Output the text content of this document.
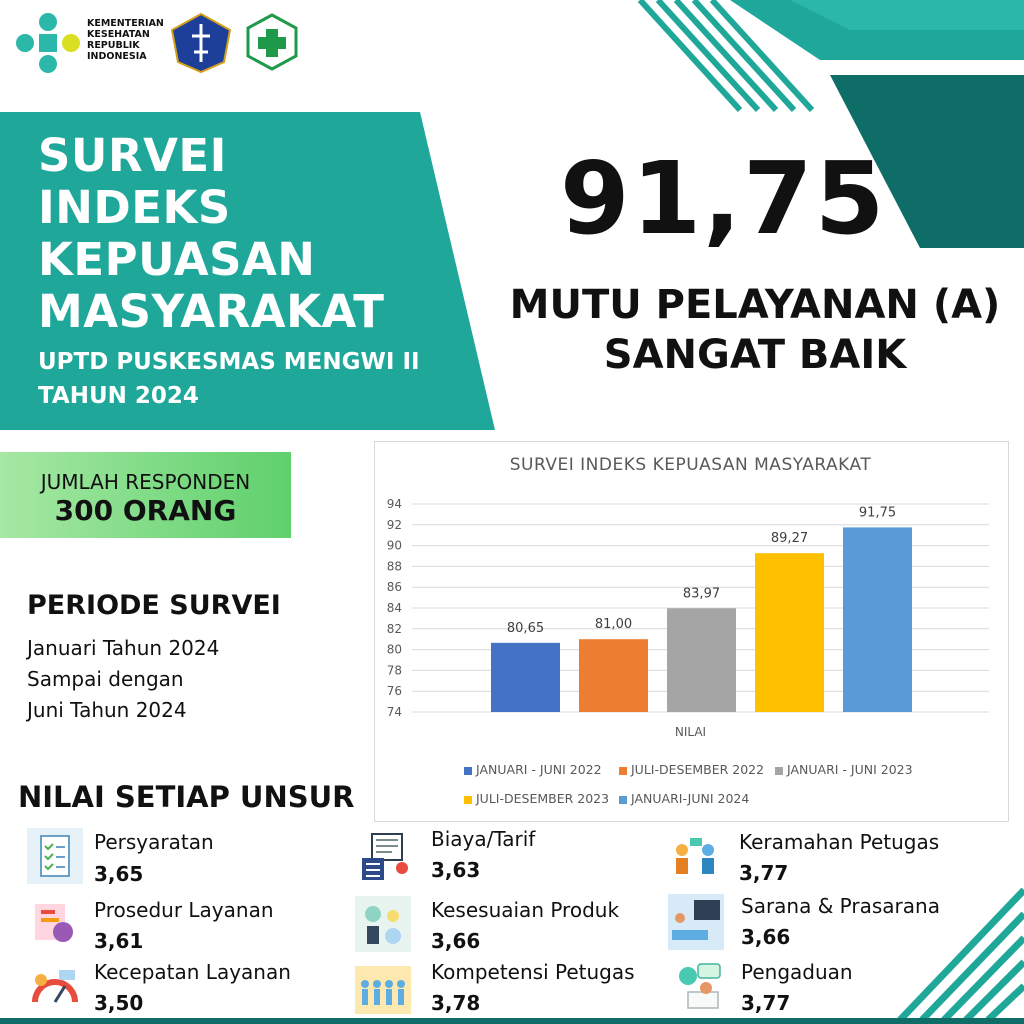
KEMENTERIAN
KESEHATAN
REPUBLIK
INDONESIA
SURVEI
INDEKS
KEPUASAN
MASYARAKAT
UPTD PUSKESMAS MENGWI II
TAHUN 2024
91,75
MUTU PELAYANAN (A)
SANGAT BAIK
JUMLAH RESPONDEN
300 ORANG
PERIODE SURVEI
Januari Tahun 2024
Sampai dengan
Juni Tahun 2024
SURVEI INDEKS KEPUASAN MASYARAKAT
74
76
78
80
82
84
86
88
90
92
94
80,65	81,00
83,97
89,27
91,75
NILAI
JANUARI - JUNI 2022	JULI-DESEMBER 2022	JANUARI - JUNI 2023
JULI-DESEMBER 2023	JANUARI-JUNI 2024
NILAI SETIAP UNSUR
Persyaratan
3,65
Prosedur Layanan
3,61
Kecepatan Layanan
3,50
Biaya/Tarif
3,63
Kesesuaian Produk
3,66
Kompetensi Petugas
3,78
Keramahan Petugas
3,77
Sarana & Prasarana
3,66
Pengaduan
3,77
